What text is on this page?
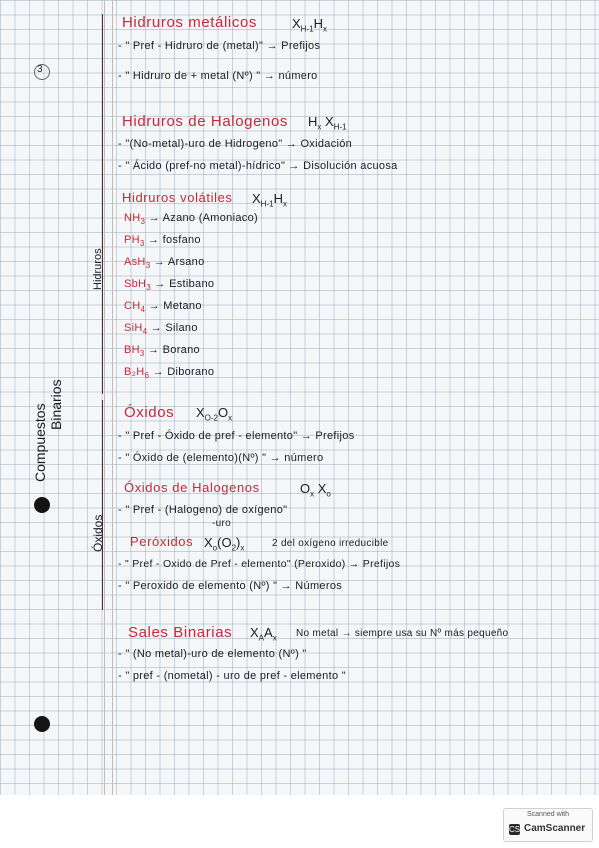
3
Compuestos Binarios
Hidruros
Óxidos
Hidruros metálicos	$X_{H-1}H_x$
- " Pref - Hidruro de (metal)" → Prefijos
- " Hidruro de + metal (Nº) " → número
Hidruros de Halogenos $H_x$ $X_{H-1}$
- "(No-metal)-uro de Hidrogeno" → Oxidación
- " Ácido (pref-no metal)-hídrico" → Disolución acuosa
Hidruros volátiles $X_{H-1}H_x$
$NH_3$ → Azano (Amoniaco)
$PH_3$ → fosfano
AsH$_3$ → Arsano
SbH$_3$ → Estibano
$CH_4 \to Metano$
SiH$_4$ → Silano
$BH_3$ → Borano
$B_2H_6$ → Diborano
Óxidos $X_{O-2}O_x$
- " Pref - Óxido de pref - elemento" → Prefijos
- " Óxido de (elemento)(Nº) " → número
Óxidos de Halogenos	$O_x$ $X_o$
- " Pref - (Halogeno) de oxígeno"
-uro
Peróxidos $X_o(O_2)_x$	2 del oxígeno irreducible
- " Pref - Oxido de Pref - elemento" (Peroxido) → Prefijos
- " Peroxido de elemento (Nº) " → Números
Sales Binarias $X_AA_x$ No metal → siempre usa su Nº más pequeño
- " (No metal)-uro de elemento (Nº) "
- " pref - (nometal) - uro de pref - elemento "
Scanned with
CS CamScanner
